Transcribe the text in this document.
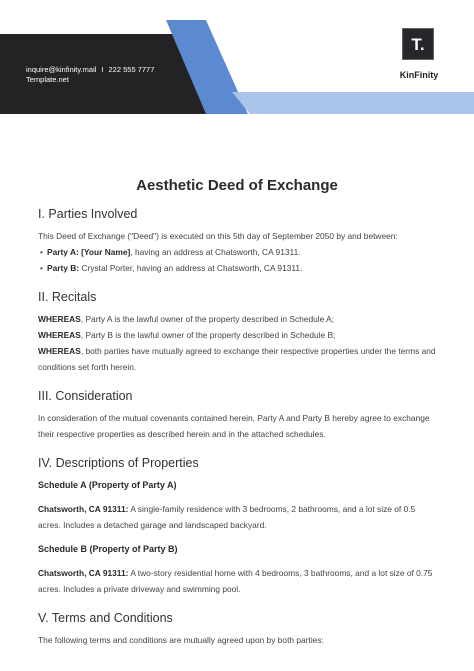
inquire@kinfinity.mail I 222 555 7777
Template.net
T.
KinFinity
Aesthetic Deed of Exchange
I. Parties Involved

This Deed of Exchange ("Deed") is executed on this 5th day of September 2050 by and between:

• Party A: [Your Name], having an address at Chatsworth, CA 91311.
• Party B: Crystal Porter, having an address at Chatsworth, CA 91311.
II. Recitals

WHEREAS, Party A is the lawful owner of the property described in Schedule A;

WHEREAS, Party B is the lawful owner of the property described in Schedule B;

WHEREAS, both parties have mutually agreed to exchange their respective properties under the terms and conditions set forth herein.

III. Consideration

In consideration of the mutual covenants contained herein, Party A and Party B hereby agree to exchange their respective properties as described herein and in the attached schedules.

IV. Descriptions of Properties

Schedule A (Property of Party A)

Chatsworth, CA 91311: A single-family residence with 3 bedrooms, 2 bathrooms, and a lot size of 0.5 acres. Includes a detached garage and landscaped backyard.

Schedule B (Property of Party B)

Chatsworth, CA 91311: A two-story residential home with 4 bedrooms, 3 bathrooms, and a lot size of 0.75 acres. Includes a private driveway and swimming pool.

V. Terms and Conditions

The following terms and conditions are mutually agreed upon by both parties:
